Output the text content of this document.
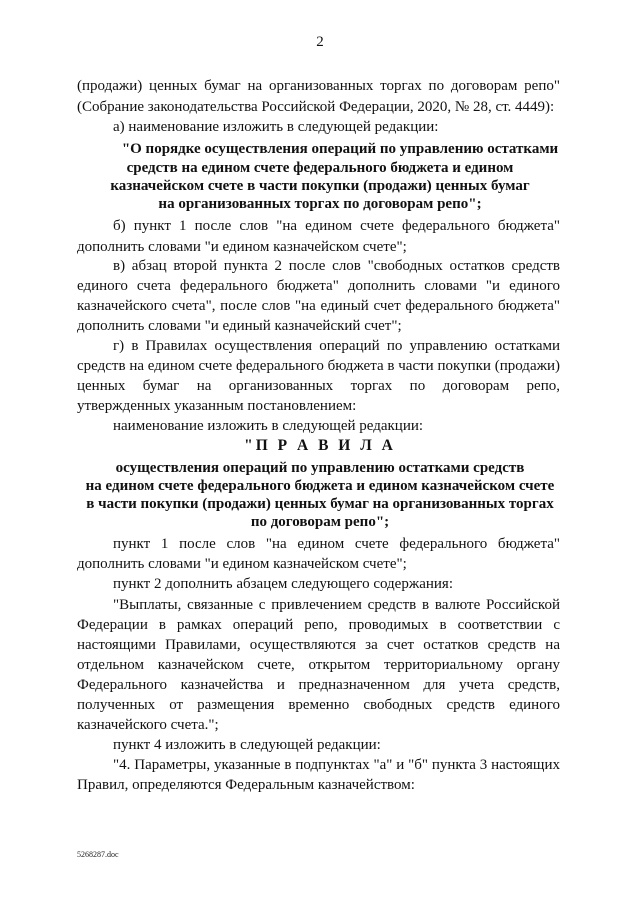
2
(продажи) ценных бумаг на организованных торгах по договорам репо"
(Собрание законодательства Российской Федерации, 2020, № 28, ст. 4449):
а) наименование изложить в следующей редакции:
"О порядке осуществления операций по управлению остатками
средств на едином счете федерального бюджета и едином
казначейском счете в части покупки (продажи) ценных бумаг
на организованных торгах по договорам репо";
б) пункт 1 после слов "на едином счете федерального бюджета"
дополнить словами "и едином казначейском счете";
в) абзац второй пункта 2 после слов "свободных остатков средств
единого счета федерального бюджета" дополнить словами "и единого
казначейского счета", после слов "на единый счет федерального бюджета"
дополнить словами "и единый казначейский счет";
г) в Правилах осуществления операций по управлению остатками
средств на едином счете федерального бюджета в части покупки (продажи)
ценных бумаг на организованных торгах по договорам репо,
утвержденных указанным постановлением:
наименование изложить в следующей редакции:
"П Р А В И Л А
осуществления операций по управлению остатками средств
на едином счете федерального бюджета и едином казначейском счете
в части покупки (продажи) ценных бумаг на организованных торгах
по договорам репо";
пункт 1 после слов "на едином счете федерального бюджета"
дополнить словами "и едином казначейском счете";
пункт 2 дополнить абзацем следующего содержания:
"Выплаты, связанные с привлечением средств в валюте Российской
Федерации в рамках операций репо, проводимых в соответствии с
настоящими Правилами, осуществляются за счет остатков средств на
отдельном казначейском счете, открытом территориальному органу
Федерального казначейства и предназначенном для учета средств,
полученных от размещения временно свободных средств единого
казначейского счета.";
пункт 4 изложить в следующей редакции:
"4. Параметры, указанные в подпунктах "а" и "б" пункта 3 настоящих
Правил, определяются Федеральным казначейством:
5268287.doc
